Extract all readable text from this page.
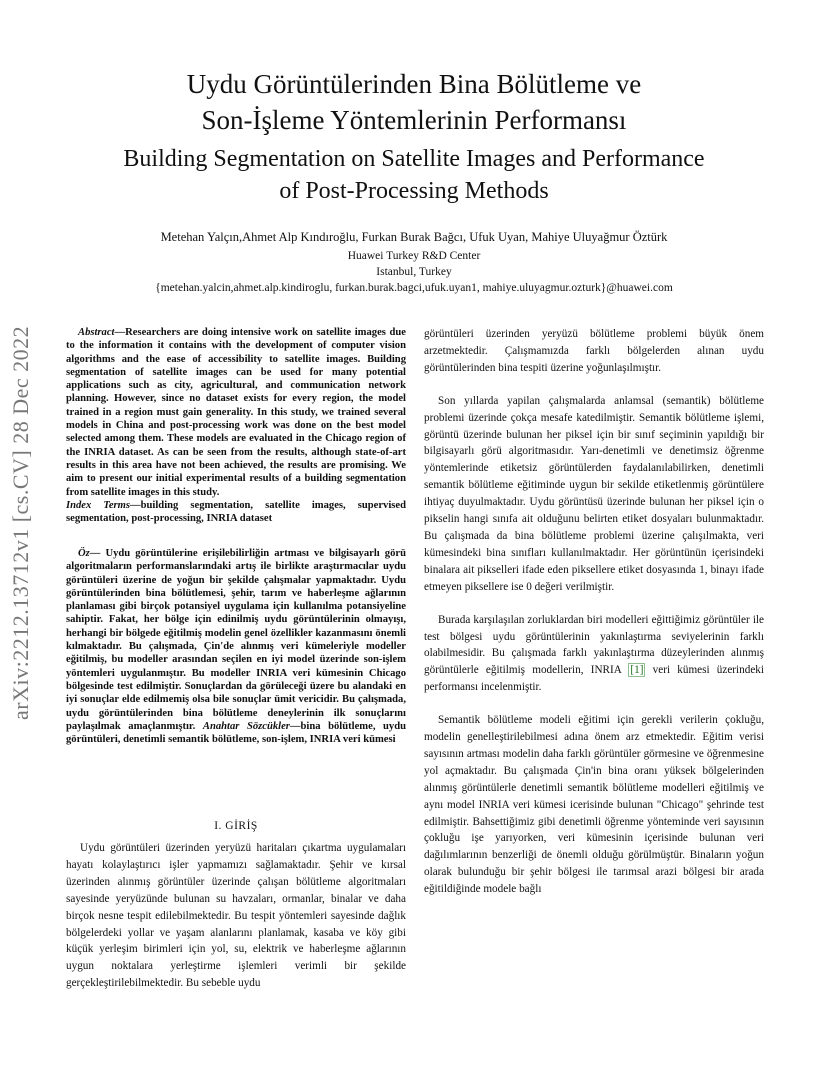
Uydu Görüntülerinden Bina Bölütleme ve
Son-İşleme Yöntemlerinin Performansı
Building Segmentation on Satellite Images and Performance
of Post-Processing Methods
Metehan Yalçın,Ahmet Alp Kındıroğlu, Furkan Burak Bağcı, Ufuk Uyan, Mahiye Uluyağmur Öztürk
Huawei Turkey R&D Center
Istanbul, Turkey
{metehan.yalcin,ahmet.alp.kindiroglu, furkan.burak.bagci,ufuk.uyan1, mahiye.uluyagmur.ozturk}@huawei.com
arXiv:2212.13712v1 [cs.CV] 28 Dec 2022	Abstract—Researchers are doing intensive work on satellite images due to the information it contains with the development of computer vision algorithms and the ease of accessibility to satellite images. Building segmentation of satellite images can be used for many potential applications such as city, agricultural, and communication network planning. However, since no dataset exists for every region, the model trained in a region must gain generality. In this study, we trained several models in China and post-processing work was done on the best model selected among them. These models are evaluated in the Chicago region of the INRIA dataset. As can be seen from the results, although state-of-art results in this area have not been achieved, the results are promising. We aim to present our initial experimental results of a building segmentation from satellite images in this study.

Index Terms—building segmentation, satellite images, supervised segmentation, post-processing, INRIA dataset

Öz— Uydu görüntülerine erişilebilirliğin artması ve bilgisayarlı görü algoritmaların performanslarındaki artış ile birlikte araştırmacılar uydu görüntüleri üzerine de yoğun bir şekilde çalışmalar yapmaktadır. Uydu görüntülerinden bina bölütlemesi, şehir, tarım ve haberleşme ağlarının planlaması gibi birçok potansiyel uygulama için kullanılma potansiyeline sahiptir. Fakat, her bölge için edinilmiş uydu görüntülerinin olmayışı, herhangi bir bölgede eğitilmiş modelin genel özellikler kazanmasını önemli kılmaktadır. Bu çalışmada, Çin'de alınmış veri kümeleriyle modeller eğitilmiş, bu modeller arasından seçilen en iyi model üzerinde son-işlem yöntemleri uygulanmıştır. Bu modeller INRIA veri kümesinin Chicago bölgesinde test edilmiştir. Sonuçlardan da görüleceği üzere bu alandaki en iyi sonuçlar elde edilmemiş olsa bile sonuçlar ümit vericidir. Bu çalışmada, uydu görüntülerinden bina bölütleme deneylerinin ilk sonuçlarını paylaşılmak amaçlanmıştır. Anahtar Sözcükler—bina bölütleme, uydu görüntüleri, denetimli semantik bölütleme, son-işlem, INRIA veri kümesi

I. GİRİŞ

Uydu görüntüleri üzerinden yeryüzü haritaları çıkartma uygulamaları hayatı kolaylaştırıcı işler yapmamızı sağlamaktadır. Şehir ve kırsal üzerinden alınmış görüntüler üzerinde çalışan bölütleme algoritmaları sayesinde yeryüzünde bulunan su havzaları, ormanlar, binalar ve daha birçok nesne tespit edilebilmektedir. Bu tespit yöntemleri sayesinde dağlık bölgelerdeki yollar ve yaşam alanlarını planlamak, kasaba ve köy gibi küçük yerleşim birimleri için yol, su, elektrik ve haberleşme ağlarının uygun noktalara yerleştirme işlemleri verimli bir şekilde gerçekleştirilebilmektedir. Bu sebeble uydu

görüntüleri üzerinden yeryüzü bölütleme problemi büyük önem arzetmektedir. Çalışmamızda farklı bölgelerden alınan uydu görüntülerinden bina tespiti üzerine yoğunlaşılmıştır.

Son yıllarda yapilan çalışmalarda anlamsal (semantik) bölütleme problemi üzerinde çokça mesafe katedilmiştir. Semantik bölütleme işlemi, görüntü üzerinde bulunan her piksel için bir sınıf seçiminin yapıldığı bir bilgisayarlı görü algoritmasıdır. Yarı-denetimli ve denetimsiz öğrenme yöntemlerinde etiketsiz görüntülerden faydalanılabilirken, denetimli semantik bölütleme eğitiminde uygun bir sekilde etiketlenmiş görüntülere ihtiyaç duyulmaktadır. Uydu görüntüsü üzerinde bulunan her piksel için o pikselin hangi sınıfa ait olduğunu belirten etiket dosyaları bulunmaktadır. Bu çalışmada da bina bölütleme problemi üzerine çalışılmakta, veri kümesindeki bina sınıfları kullanılmaktadır. Her görüntünün içerisindeki binalara ait pikselleri ifade eden piksellere etiket dosyasında 1, binayı ifade etmeyen piksellere ise 0 değeri verilmiştir.

Burada karşılaşılan zorluklardan biri modelleri eğittiğimiz görüntüler ile test bölgesi uydu görüntülerinin yakınlaştırma seviyelerinin farklı olabilmesidir. Bu çalışmada farklı yakınlaştırma düzeylerinden alınmış görüntülerle eğitilmiş modellerin, INRIA [1] veri kümesi üzerindeki performansı incelenmiştir.

Semantik bölütleme modeli eğitimi için gerekli verilerin çokluğu, modelin genelleştirilebilmesi adına önem arz etmektedir. Eğitim verisi sayısının artması modelin daha farklı görüntüler görmesine ve öğrenmesine yol açmaktadır. Bu çalışmada Çin'in bina oranı yüksek bölgelerinden alınmış görüntülerle denetimli semantik bölütleme modelleri eğitilmiş ve aynı model INRIA veri kümesi icerisinde bulunan "Chicago" şehrinde test edilmiştir. Bahsettiğimiz gibi denetimli öğrenme yönteminde veri sayısının çokluğu işe yarıyorken, veri kümesinin içerisinde bulunan veri dağılımlarının benzerliği de önemli olduğu görülmüştür. Binaların yoğun olarak bulunduğu bir şehir bölgesi ile tarımsal arazi bölgesi bir arada eğitildiğinde modele bağlı
